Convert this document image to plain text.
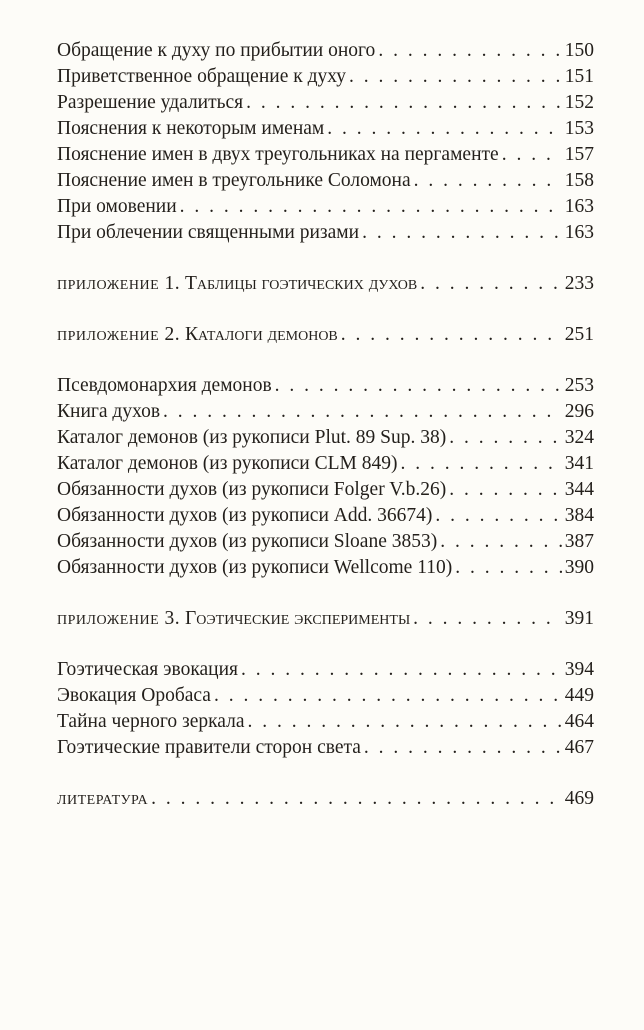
Обращение к духу по прибытии оного . . .	150
Приветственное обращение к духу . . .	151
Разрешение удалиться . . .	152
Пояснения к некоторым именам . . .	153
Пояснение имен в двух треугольниках на пергаменте . . .	157
Пояснение имен в треугольнике Соломона . . .	158
При омовении . . .	163
При облечении священными ризами . . .	163
приложение 1. Таблицы гоэтических духов . . .	233
приложение 2. Каталоги демонов . . .	251
Псевдомонархия демонов . . .	253
Книга духов . . .	296
Каталог демонов (из рукописи Plut. 89 Sup. 38) . . .	324
Каталог демонов (из рукописи CLM 849) . . .	341
Обязанности духов (из рукописи Folger V.b.26) . . .	344
Обязанности духов (из рукописи Add. 36674) . . .	384
Обязанности духов (из рукописи Sloane 3853) . . .	387
Обязанности духов (из рукописи Wellcome 110) . . .	390
приложение 3. Гоэтические эксперименты . . .	391
Гоэтическая эвокация . . .	394
Эвокация Оробаса . . .	449
Тайна черного зеркала . . .	464
Гоэтические правители сторон света . . .	467
литература . . .	469
